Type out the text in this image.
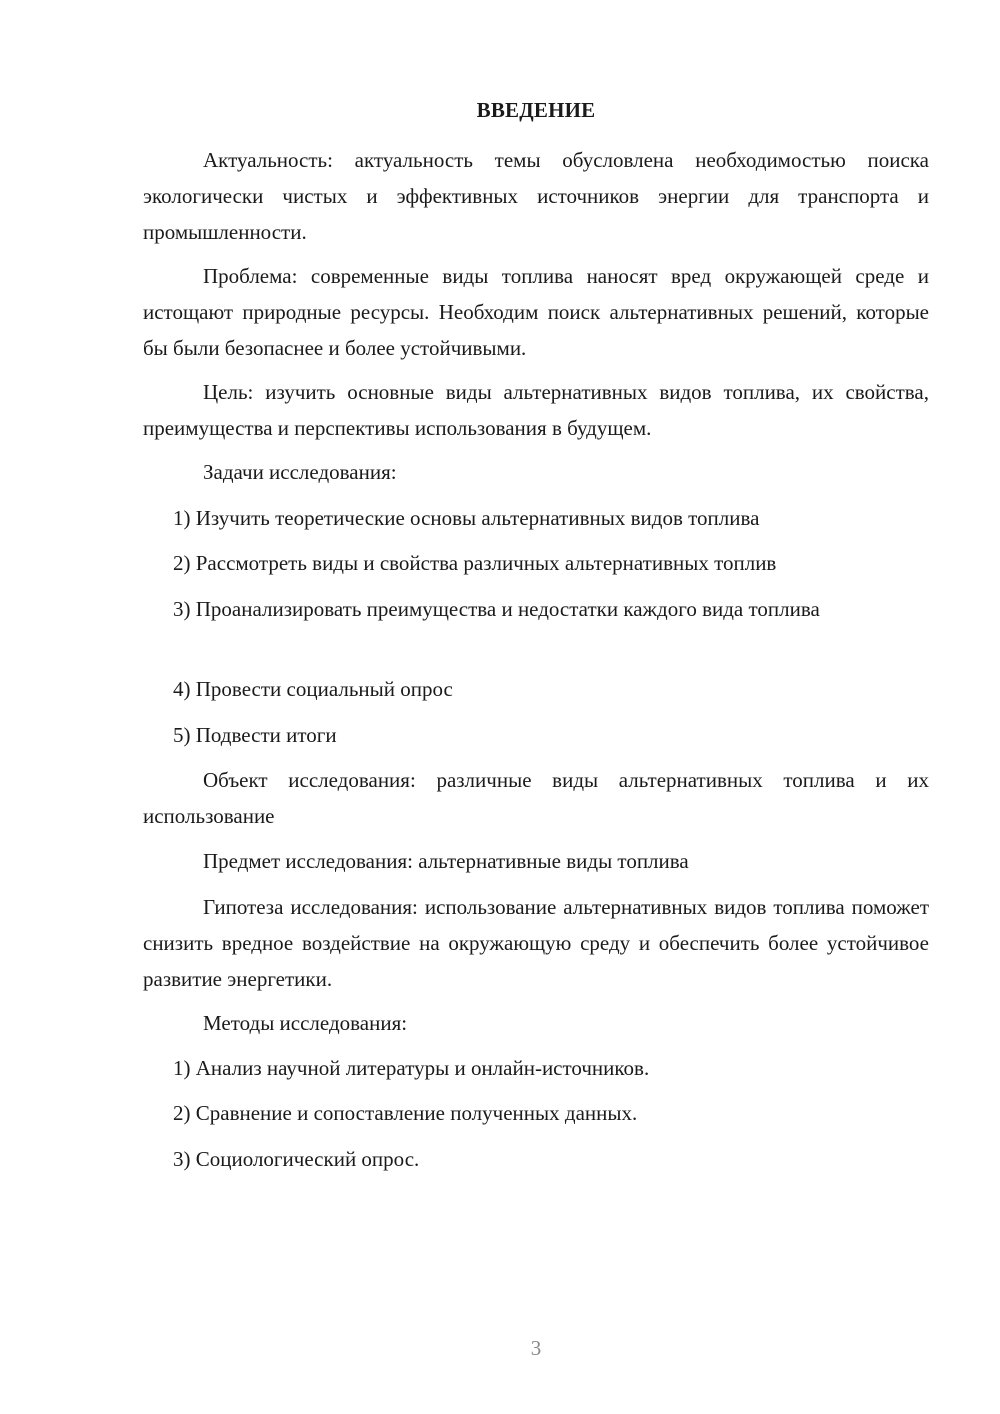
ВВЕДЕНИЕ

Актуальность: актуальность темы обусловлена необходимостью поиска экологически чистых и эффективных источников энергии для транспорта и промышленности.

Проблема: современные виды топлива наносят вред окружающей среде и истощают природные ресурсы. Необходим поиск альтернативных решений, которые бы были безопаснее и более устойчивыми.

Цель: изучить основные виды альтернативных видов топлива, их свойства, преимущества и перспективы использования в будущем.

Задачи исследования:

1) Изучить теоретические основы альтернативных видов топлива

2) Рассмотреть виды и свойства различных альтернативных топлив

3) Проанализировать преимущества и недостатки каждого вида топлива

4) Провести социальный опрос

5) Подвести итоги

Объект исследования: различные виды альтернативных топлива и их использование

Предмет исследования: альтернативные виды топлива

Гипотеза исследования: использование альтернативных видов топлива поможет снизить вредное воздействие на окружающую среду и обеспечить более устойчивое развитие энергетики.

Методы исследования:

1) Анализ научной литературы и онлайн-источников.

2) Сравнение и сопоставление полученных данных.

3) Социологический опрос.

3
